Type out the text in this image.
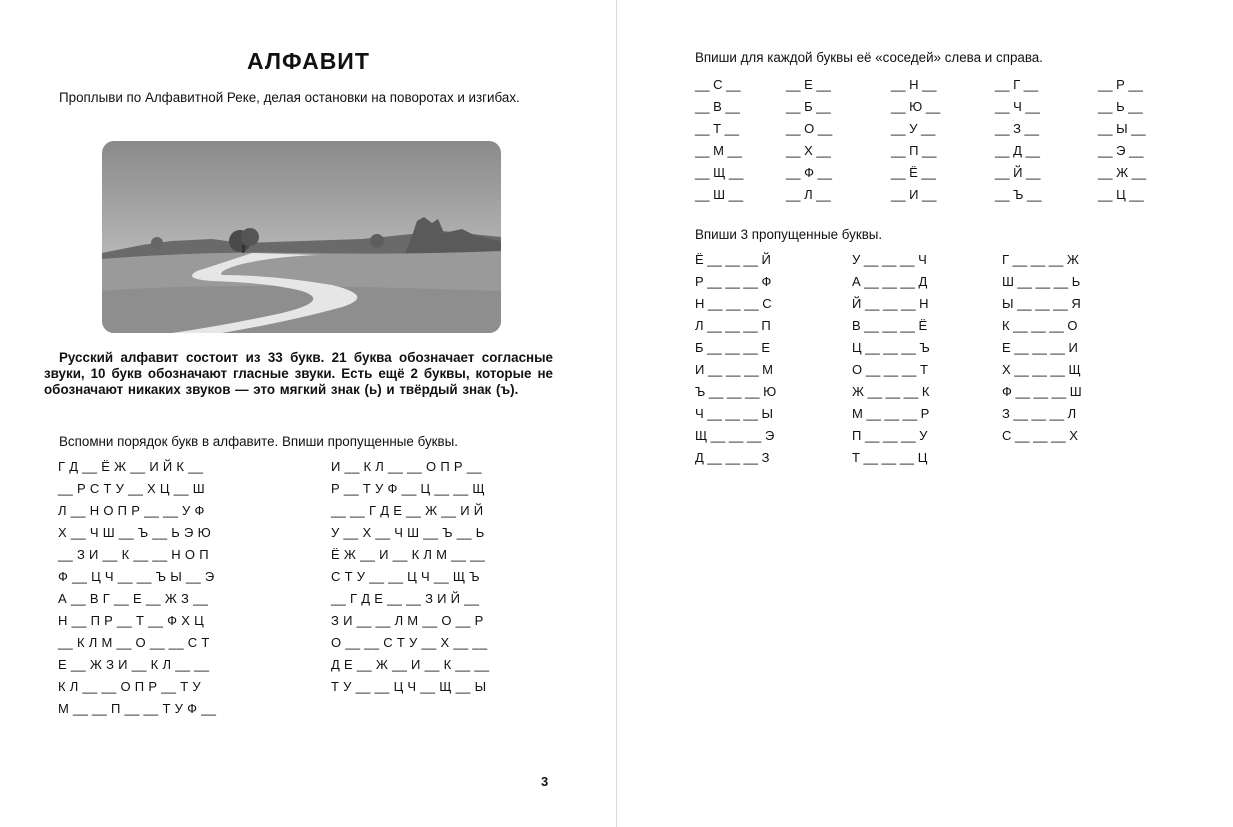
АЛФАВИТ
Проплыви по Алфавитной Реке, делая остановки на поворотах и изгибах.
Русский алфавит состоит из 33 букв. 21 буква обозначает согласные звуки, 10 букв обозначают гласные звуки. Есть ещё 2 буквы, которые не обозначают никаких звуков — это мягкий знак (ь) и твёрдый знак (ъ).
Вспомни порядок букв в алфавите. Впиши пропущенные буквы.
Г Д __ Ё Ж __ И Й К __
__ Р С Т У __ Х Ц __ Ш
Л __ Н О П Р __ __ У Ф
Х __ Ч Ш __ Ъ __ Ь Э Ю
__ З И __ К __ __ Н О П
Ф __ Ц Ч __ __ Ъ Ы __ Э
А __ В Г __ Е __ Ж З __
Н __ П Р __ Т __ Ф Х Ц
__ К Л М __ О __ __ С Т
Е __ Ж З И __ К Л __ __
К Л __ __ О П Р __ Т У
М __ __ П __ __ Т У Ф __
И __ К Л __ __ О П Р __
Р __ Т У Ф __ Ц __ __ Щ
__ __ Г Д Е __ Ж __ И Й
У __ Х __ Ч Ш __ Ъ __ Ь
Ё Ж __ И __ К Л М __ __
С Т У __ __ Ц Ч __ Щ Ъ
__ Г Д Е __ __ З И Й __
З И __ __ Л М __ О __ Р
О __ __ С Т У __ Х __ __
Д Е __ Ж __ И __ К __ __
Т У __ __ Ц Ч __ Щ __ Ы
3
Впиши для каждой буквы её «соседей» слева и справа.
__ С __
__ В __
__ Т __
__ М __
__ Щ __
__ Ш __
__ Е __
__ Б __
__ О __
__ Х __
__ Ф __
__ Л __
__ Н __
__ Ю __
__ У __
__ П __
__ Ё __
__ И __
__ Г __
__ Ч __
__ З __
__ Д __
__ Й __
__ Ъ __
__ Р __
__ Ь __
__ Ы __
__ Э __
__ Ж __
__ Ц __
Впиши 3 пропущенные буквы.
Ё __ __ __ Й
Р __ __ __ Ф
Н __ __ __ С
Л __ __ __ П
Б __ __ __ Е
И __ __ __ М
Ъ __ __ __ Ю
Ч __ __ __ Ы
Щ __ __ __ Э
Д __ __ __ З
У __ __ __ Ч
А __ __ __ Д
Й __ __ __ Н
В __ __ __ Ё
Ц __ __ __ Ъ
О __ __ __ Т
Ж __ __ __ К
М __ __ __ Р
П __ __ __ У
Т __ __ __ Ц
Г __ __ __ Ж
Ш __ __ __ Ь
Ы __ __ __ Я
К __ __ __ О
Е __ __ __ И
Х __ __ __ Щ
Ф __ __ __ Ш
З __ __ __ Л
С __ __ __ Х
